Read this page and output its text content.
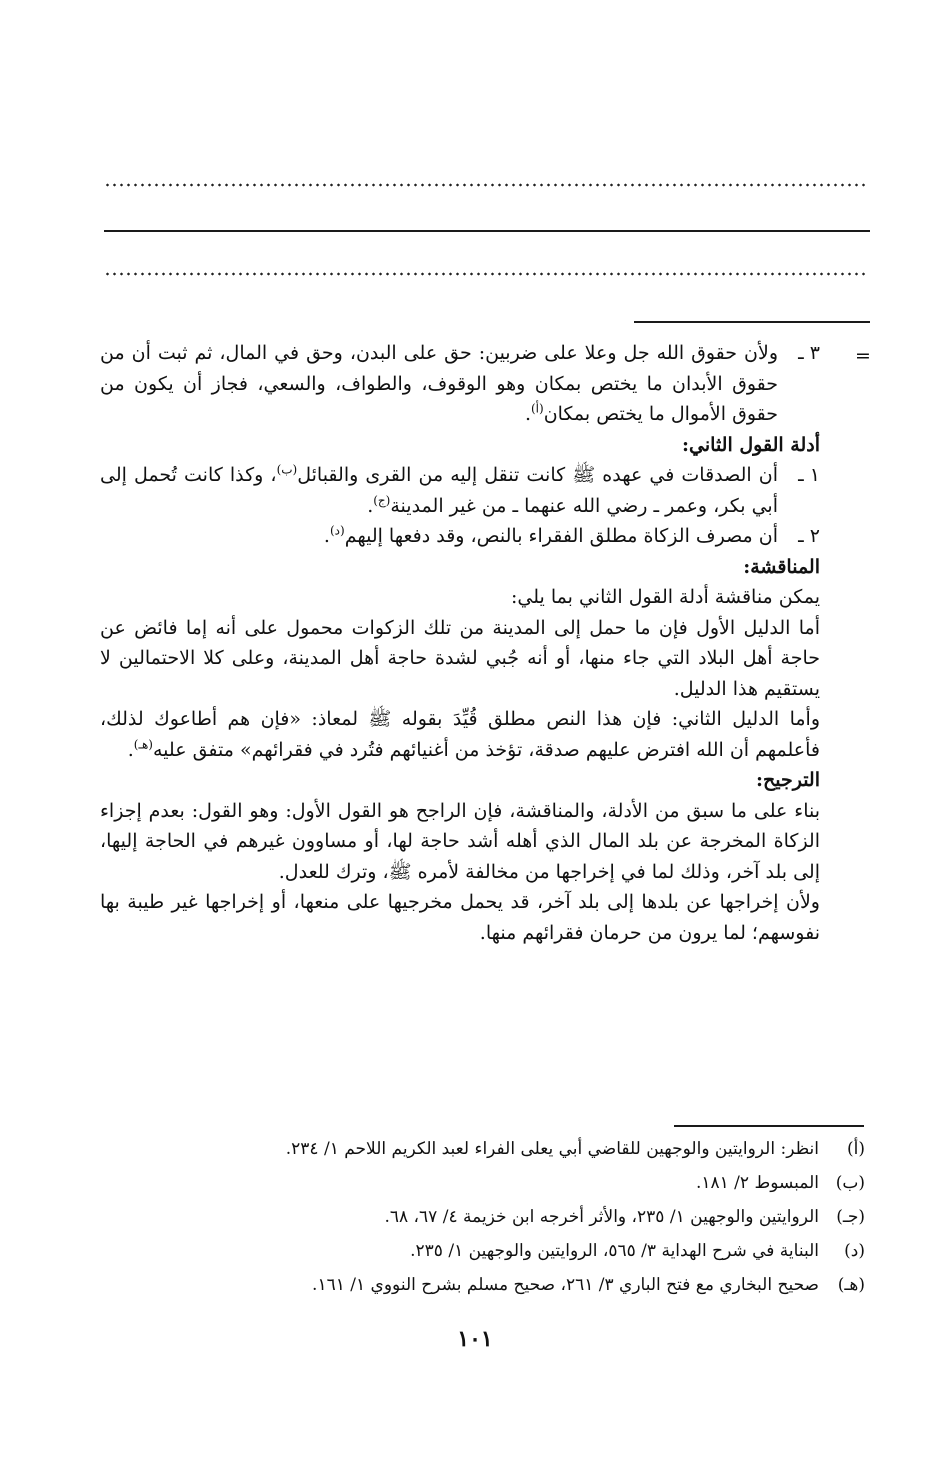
=

٣ ـ
ولأن حقوق الله جل وعلا على ضربين: حق على البدن، وحق في المال، ثم ثبت أن من حقوق الأبدان ما يختص بمكان وهو الوقوف، والطواف، والسعي، فجاز أن يكون من حقوق الأموال ما يختص بمكان$^{(أ)}$.

أدلة القول الثاني:

١ ـ
أن الصدقات في عهده ﷺ كانت تنقل إليه من القرى والقبائل$^{(ب)}$، وكذا كانت تُحمل إلى أبي بكر، وعمر ـ رضي الله عنهما ـ من غير المدينة$^{(ج)}$.

٢ ـ
أن مصرف الزكاة مطلق الفقراء بالنص، وقد دفعها إليهم$^{(د)}$.

المناقشة:

يمكن مناقشة أدلة القول الثاني بما يلي:

أما الدليل الأول فإن ما حمل إلى المدينة من تلك الزكوات محمول على أنه إما فائض عن حاجة أهل البلاد التي جاء منها، أو أنه جُبي لشدة حاجة أهل المدينة، وعلى كلا الاحتمالين لا يستقيم هذا الدليل.

وأما الدليل الثاني: فإن هذا النص مطلق قُيِّدَ بقوله ﷺ لمعاذ: «فإن هم أطاعوك لذلك، فأعلمهم أن الله افترض عليهم صدقة، تؤخذ من أغنيائهم فتُرد في فقرائهم» متفق عليه$^{(هـ)}$.

الترجيح:

بناء على ما سبق من الأدلة، والمناقشة، فإن الراجح هو القول الأول: وهو القول: بعدم إجزاء الزكاة المخرجة عن بلد المال الذي أهله أشد حاجة لها، أو مساوون غيرهم في الحاجة إليها، إلى بلد آخر، وذلك لما في إخراجها من مخالفة لأمره ﷺ، وترك للعدل.

ولأن إخراجها عن بلدها إلى بلد آخر، قد يحمل مخرجيها على منعها، أو إخراجها غير طيبة بها نفوسهم؛ لما يرون من حرمان فقرائهم منها.

(أ)
انظر: الروايتين والوجهين للقاضي أبي يعلى الفراء لعبد الكريم اللاحم ١/ ٢٣٤.
(ب)
المبسوط ٢/ ١٨١.
(جـ)
الروايتين والوجهين ١/ ٢٣٥، والأثر أخرجه ابن خزيمة ٤/ ٦٧، ٦٨.
(د)
البناية في شرح الهداية ٣/ ٥٦٥، الروايتين والوجهين ١/ ٢٣٥.
(هـ)
صحيح البخاري مع فتح الباري ٣/ ٢٦١، صحيح مسلم بشرح النووي ١/ ١٦١.
١٠١
